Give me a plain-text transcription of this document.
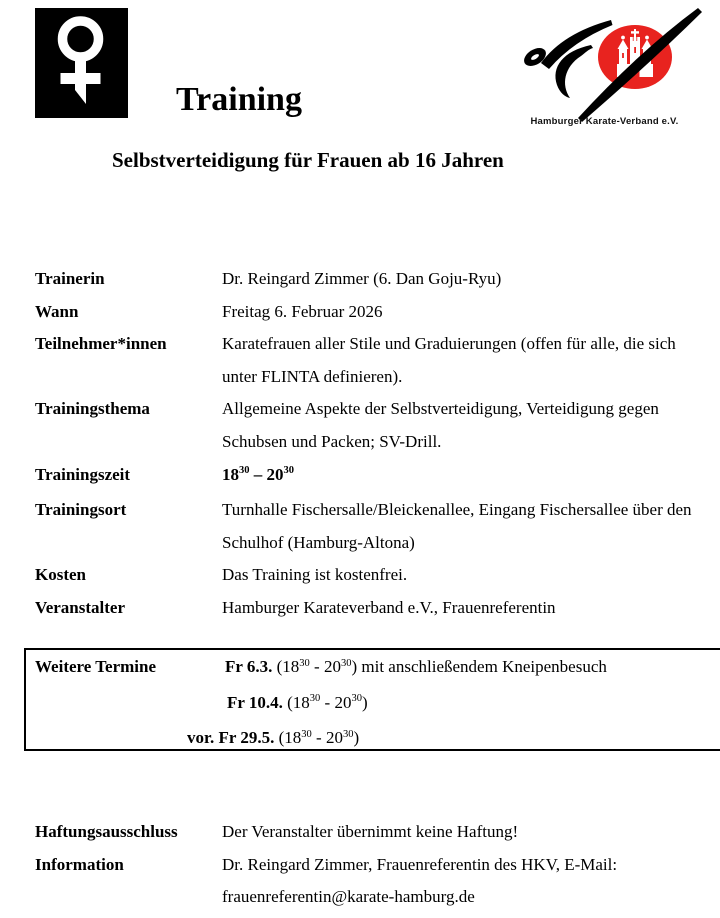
Training
Hamburger Karate-Verband e.V.
Selbstverteidigung für Frauen ab 16 Jahren
Trainerin	Dr. Reingard Zimmer (6. Dan Goju-Ryu)
Wann	Freitag 6. Februar 2026
Teilnehmer*innen	Karatefrauen aller Stile und Graduierungen (offen für alle, die sich unter FLINTA definieren).
Trainingsthema	Allgemeine Aspekte der Selbstverteidigung, Verteidigung gegen Schubsen und Packen; SV-Drill.
Trainingszeit	$18^{30} - 20^{30}$
Trainingsort	Turnhalle Fischersalle/Bleickenallee, Eingang Fischersallee über den Schulhof (Hamburg-Altona)
Kosten	Das Training ist kostenfrei.
Veranstalter	Hamburger Karateverband e.V., Frauenreferentin
Weitere Termine	Fr 6.3. $(18^{30} - 20^{30})$ mit anschließendem Kneipenbesuch
Fr 10.4. $(18^{30} - 20^{30})$
vor. Fr 29.5. $(18^{30} - 20^{30})$
Haftungsausschluss	Der Veranstalter übernimmt keine Haftung!
Information	Dr. Reingard Zimmer, Frauenreferentin des HKV, E-Mail: frauenreferentin@karate-hamburg.de
